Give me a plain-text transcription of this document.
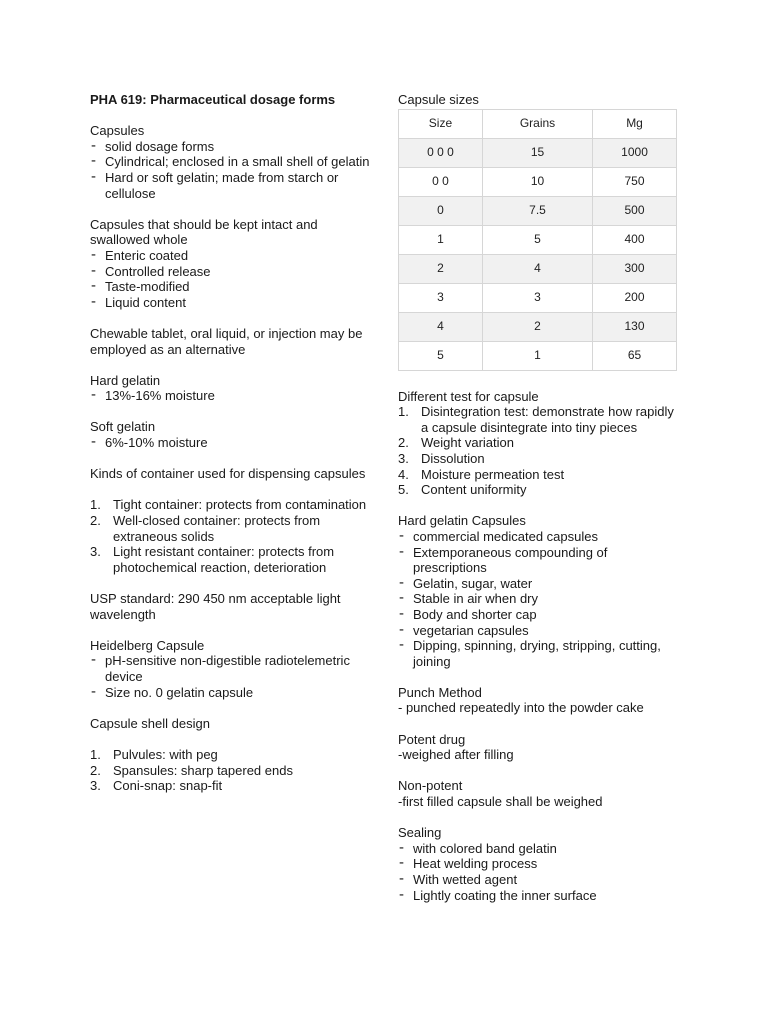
PHA 619: Pharmaceutical dosage forms

Capsules

- solid dosage forms
- Cylindrical; enclosed in a small shell of gelatin
- Hard or soft gelatin; made from starch or cellulose

Capsules that should be kept intact and swallowed whole

- Enteric coated
- Controlled release
- Taste-modified
- Liquid content

Chewable tablet, oral liquid, or injection may be employed as an alternative

Hard gelatin

- 13%-16% moisture

Soft gelatin

- 6%-10% moisture

Kinds of container used for dispensing capsules

1. Tight container: protects from contamination
2. Well-closed container: protects from extraneous solids
3. Light resistant container: protects from photochemical reaction, deterioration

USP standard: 290 450 nm acceptable light wavelength

Heidelberg Capsule

- pH-sensitive non-digestible radiotelemetric device
- Size no. 0 gelatin capsule

Capsule shell design

1. Pulvules: with peg
2. Spansules: sharp tapered ends
3. Coni-snap: snap-fit

Capsule sizes

Size	Grains	Mg
0 0 0	15	1000
0 0	10	750
0	7.5	500
1	5	400
2	4	300
3	3	200
4	2	130
5	1	65

Different test for capsule

1. Disintegration test: demonstrate how rapidly a capsule disintegrate into tiny pieces
2. Weight variation
3. Dissolution
4. Moisture permeation test
5. Content uniformity

Hard gelatin Capsules

- commercial medicated capsules
- Extemporaneous compounding of prescriptions
- Gelatin, sugar, water
- Stable in air when dry
- Body and shorter cap
- vegetarian capsules
- Dipping, spinning, drying, stripping, cutting, joining

Punch Method

- punched repeatedly into the powder cake

Potent drug

-weighed after filling

Non-potent

-first filled capsule shall be weighed

Sealing

- with colored band gelatin
- Heat welding process
- With wetted agent
- Lightly coating the inner surface
